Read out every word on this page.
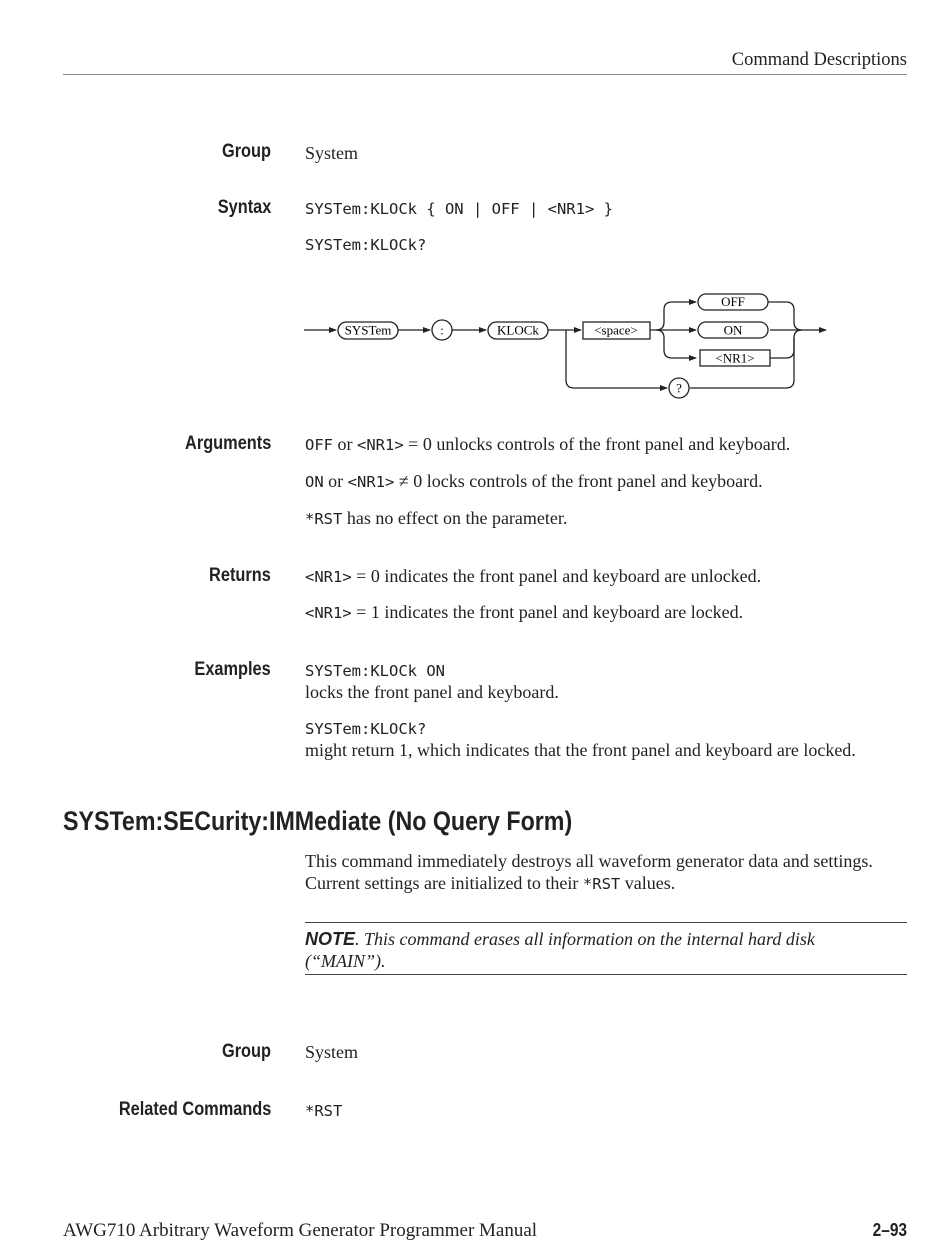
Command Descriptions
Group System
Syntax SYSTem:KLOCk { ON | OFF | <NR1> }
SYSTem:KLOCk?
SYSTem	:	KLOCk	<space>
OFF
ON
<NR1>
?
Arguments OFF or <NR1> = 0 unlocks controls of the front panel and keyboard.
ON or <NR1> ≠ 0 locks controls of the front panel and keyboard.
*RST has no effect on the parameter.
Returns <NR1> = 0 indicates the front panel and keyboard are unlocked.
<NR1> = 1 indicates the front panel and keyboard are locked.
Examples SYSTem:KLOCk ON
locks the front panel and keyboard.
SYSTem:KLOCk?
might return 1, which indicates that the front panel and keyboard are locked.
SYSTem:SECurity:IMMediate (No Query Form)
This command immediately destroys all waveform generator data and settings.
Current settings are initialized to their *RST values.
NOTE. This command erases all information on the internal hard disk (“MAIN”).
Group System
Related Commands *RST
AWG710 Arbitrary Waveform Generator Programmer Manual	2–93
